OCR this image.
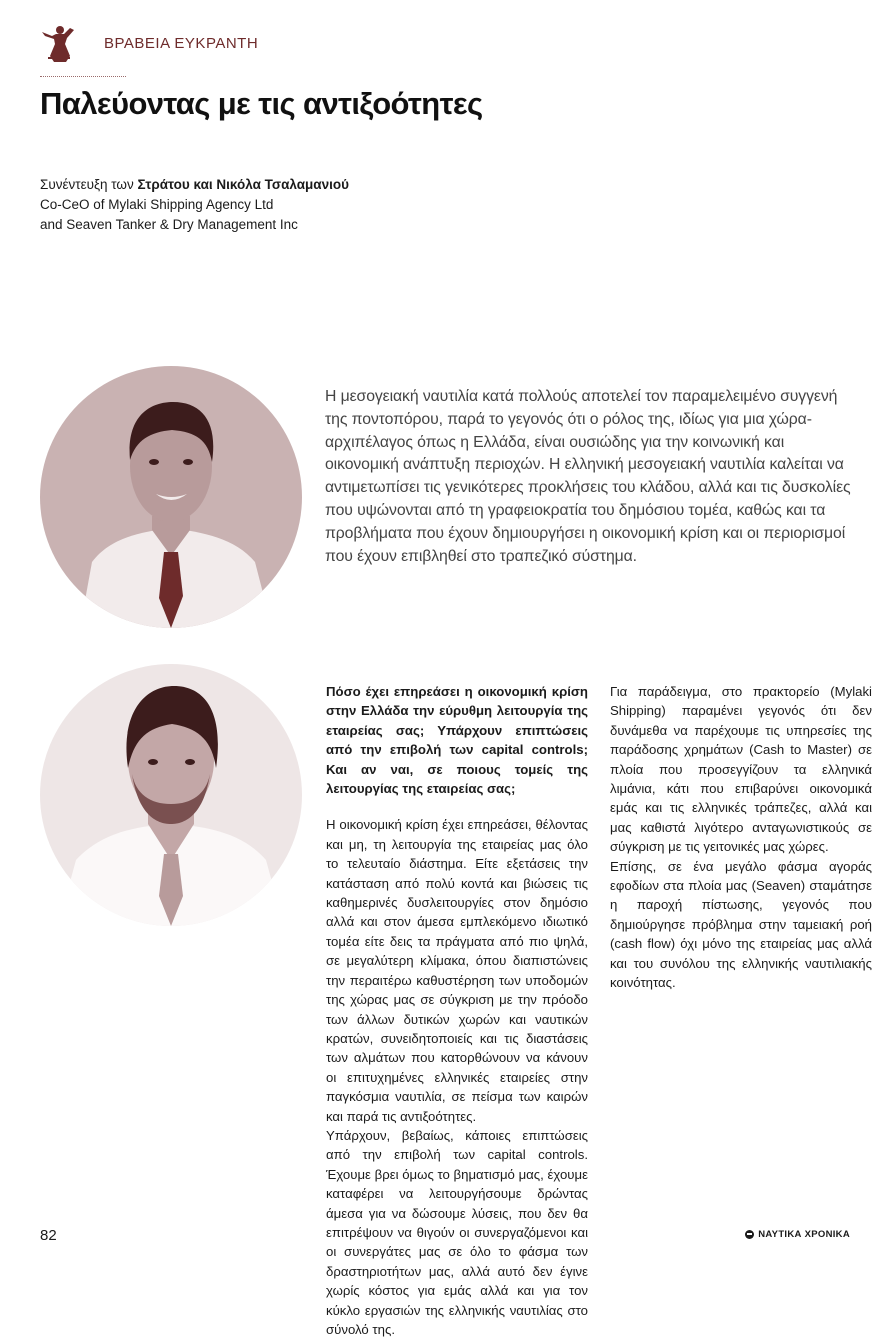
ΒΡΑΒΕΙΑ ΕΥΚΡΑΝΤΗ
Παλεύοντας με τις αντιξοότητες
Συνέντευξη των Στράτου και Νικόλα Τσαλαμανιού
Co-CeO of Mylaki Shipping Agency Ltd
and Seaven Tanker & Dry Management Inc

Η μεσογειακή ναυτιλία κατά πολλούς αποτελεί τον παραμελειμένο συγγενή της ποντοπόρου, παρά το γεγονός ότι ο ρόλος της, ιδίως για μια χώρα-αρχιπέλαγος όπως η Ελλάδα, είναι ουσιώδης για την κοινωνική και οικονομική ανάπτυξη περιοχών. Η ελληνική μεσογειακή ναυτιλία καλείται να αντιμετωπίσει τις γενικότερες προκλήσεις του κλάδου, αλλά και τις δυσκολίες που υψώνονται από τη γραφειοκρατία του δημόσιου τομέα, καθώς και τα προβλήματα που έχουν δημιουργήσει η οικονομική κρίση και οι περιορισμοί που έχουν επιβληθεί στο τραπεζικό σύστημα.

Πόσο έχει επηρεάσει η οικονομική κρίση στην Ελλάδα την εύρυθμη λειτουργία της εταιρείας σας; Υπάρχουν επιπτώσεις από την επιβολή των capital controls; Και αν ναι, σε ποιους τομείς της λειτουργίας της εταιρείας σας;

Η οικονομική κρίση έχει επηρεάσει, θέλοντας και μη, τη λειτουργία της εταιρείας μας όλο το τελευταίο διάστημα. Είτε εξετάσεις την κατάσταση από πολύ κοντά και βιώσεις τις καθημερινές δυσλειτουργίες στον δημόσιο αλλά και στον άμεσα εμπλεκόμενο ιδιωτικό τομέα είτε δεις τα πράγματα από πιο ψηλά, σε μεγαλύτερη κλίμακα, όπου διαπιστώνεις την περαιτέρω καθυστέρηση των υποδομών της χώρας μας σε σύγκριση με την πρόοδο των άλλων δυτικών χωρών και ναυτικών κρατών, συνειδητοποιείς και τις διαστάσεις των αλμάτων που κατορθώνουν να κάνουν οι επιτυχημένες ελληνικές εταιρείες στην παγκόσμια ναυτιλία, σε πείσμα των καιρών και παρά τις αντιξοότητες.

Υπάρχουν, βεβαίως, κάποιες επιπτώσεις από την επιβολή των capital controls. Έχουμε βρει όμως το βηματισμό μας, έχουμε καταφέρει να λειτουργήσουμε δρώντας άμεσα για να δώσουμε λύσεις, που δεν θα επιτρέψουν να θιγούν οι συνεργαζόμενοι και οι συνεργάτες μας σε όλο το φάσμα των δραστηριοτήτων μας, αλλά αυτό δεν έγινε χωρίς κόστος για εμάς αλλά και για τον κύκλο εργασιών της ελληνικής ναυτιλίας στο σύνολό της.

Για παράδειγμα, στο πρακτορείο (Mylaki Shipping) παραμένει γεγονός ότι δεν δυνάμεθα να παρέχουμε τις υπηρεσίες της παράδοσης χρημάτων (Cash to Master) σε πλοία που προσεγγίζουν τα ελληνικά λιμάνια, κάτι που επιβαρύνει οικονομικά εμάς και τις ελληνικές τράπεζες, αλλά και μας καθιστά λιγότερο ανταγωνιστικούς σε σύγκριση με τις γειτονικές μας χώρες.

Επίσης, σε ένα μεγάλο φάσμα αγοράς εφοδίων στα πλοία μας (Seaven) σταμάτησε η παροχή πίστωσης, γεγονός που δημιούργησε πρόβλημα στην ταμειακή ροή (cash flow) όχι μόνο της εταιρείας μας αλλά και του συνόλου της ελληνικής ναυτιλιακής κοινότητας.

82	ΝΑΥΤΙΚΑ ΧΡΟΝΙΚΑ
